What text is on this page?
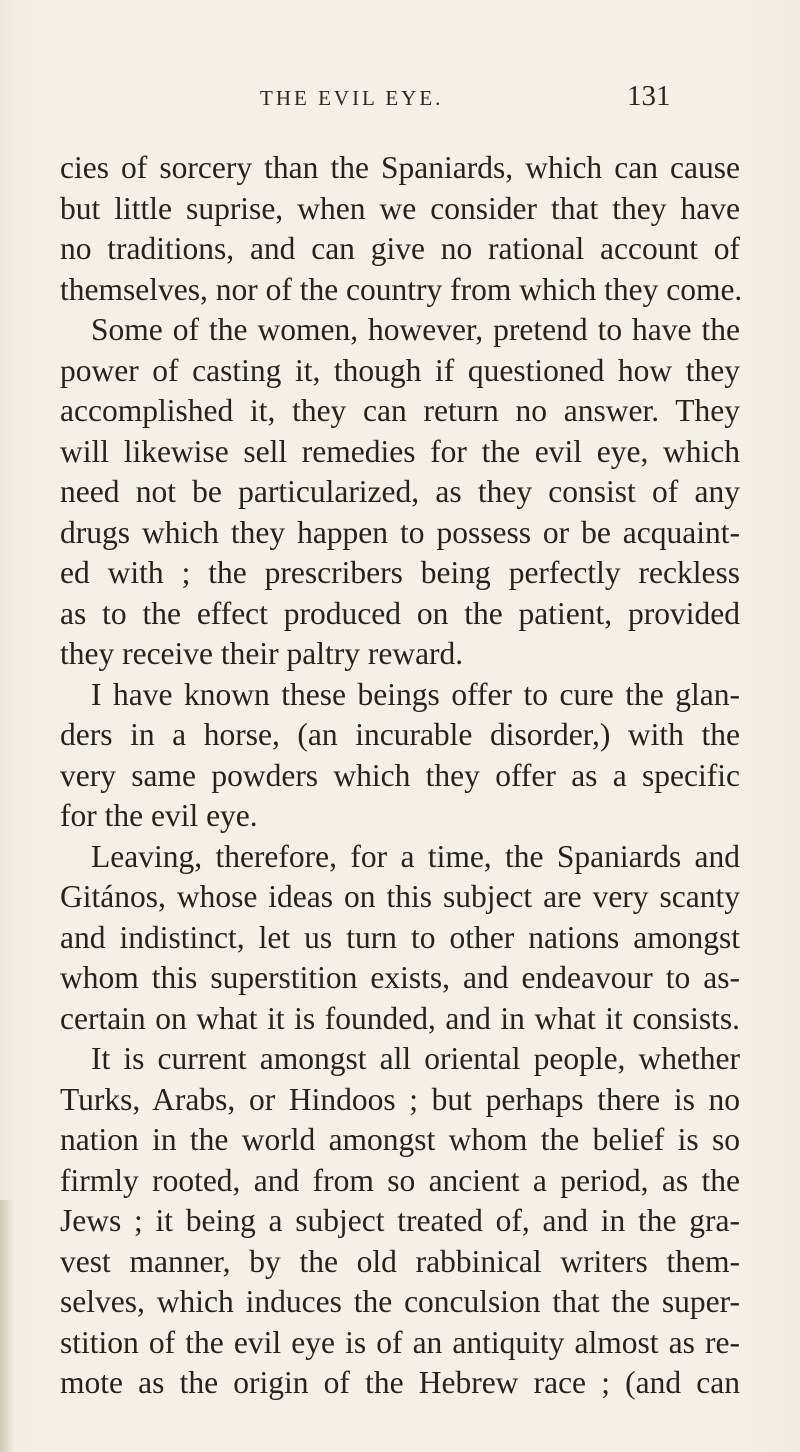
THE EVIL EYE.	131
cies of sorcery than the Spaniards, which can cause
but little suprise, when we consider that they have
no traditions, and can give no rational account of
themselves, nor of the country from which they come.
Some of the women, however, pretend to have the
power of casting it, though if questioned how they
accomplished it, they can return no answer. They
will likewise sell remedies for the evil eye, which
need not be particularized, as they consist of any
drugs which they happen to possess or be acquaint-
ed with ; the prescribers being perfectly reckless
as to the effect produced on the patient, provided
they receive their paltry reward.
I have known these beings offer to cure the glan-
ders in a horse, (an incurable disorder,) with the
very same powders which they offer as a specific
for the evil eye.
Leaving, therefore, for a time, the Spaniards and
Gitános, whose ideas on this subject are very scanty
and indistinct, let us turn to other nations amongst
whom this superstition exists, and endeavour to as-
certain on what it is founded, and in what it consists.
It is current amongst all oriental people, whether
Turks, Arabs, or Hindoos ; but perhaps there is no
nation in the world amongst whom the belief is so
firmly rooted, and from so ancient a period, as the
Jews ; it being a subject treated of, and in the gra-
vest manner, by the old rabbinical writers them-
selves, which induces the conculsion that the super-
stition of the evil eye is of an antiquity almost as re-
mote as the origin of the Hebrew race ; (and can
